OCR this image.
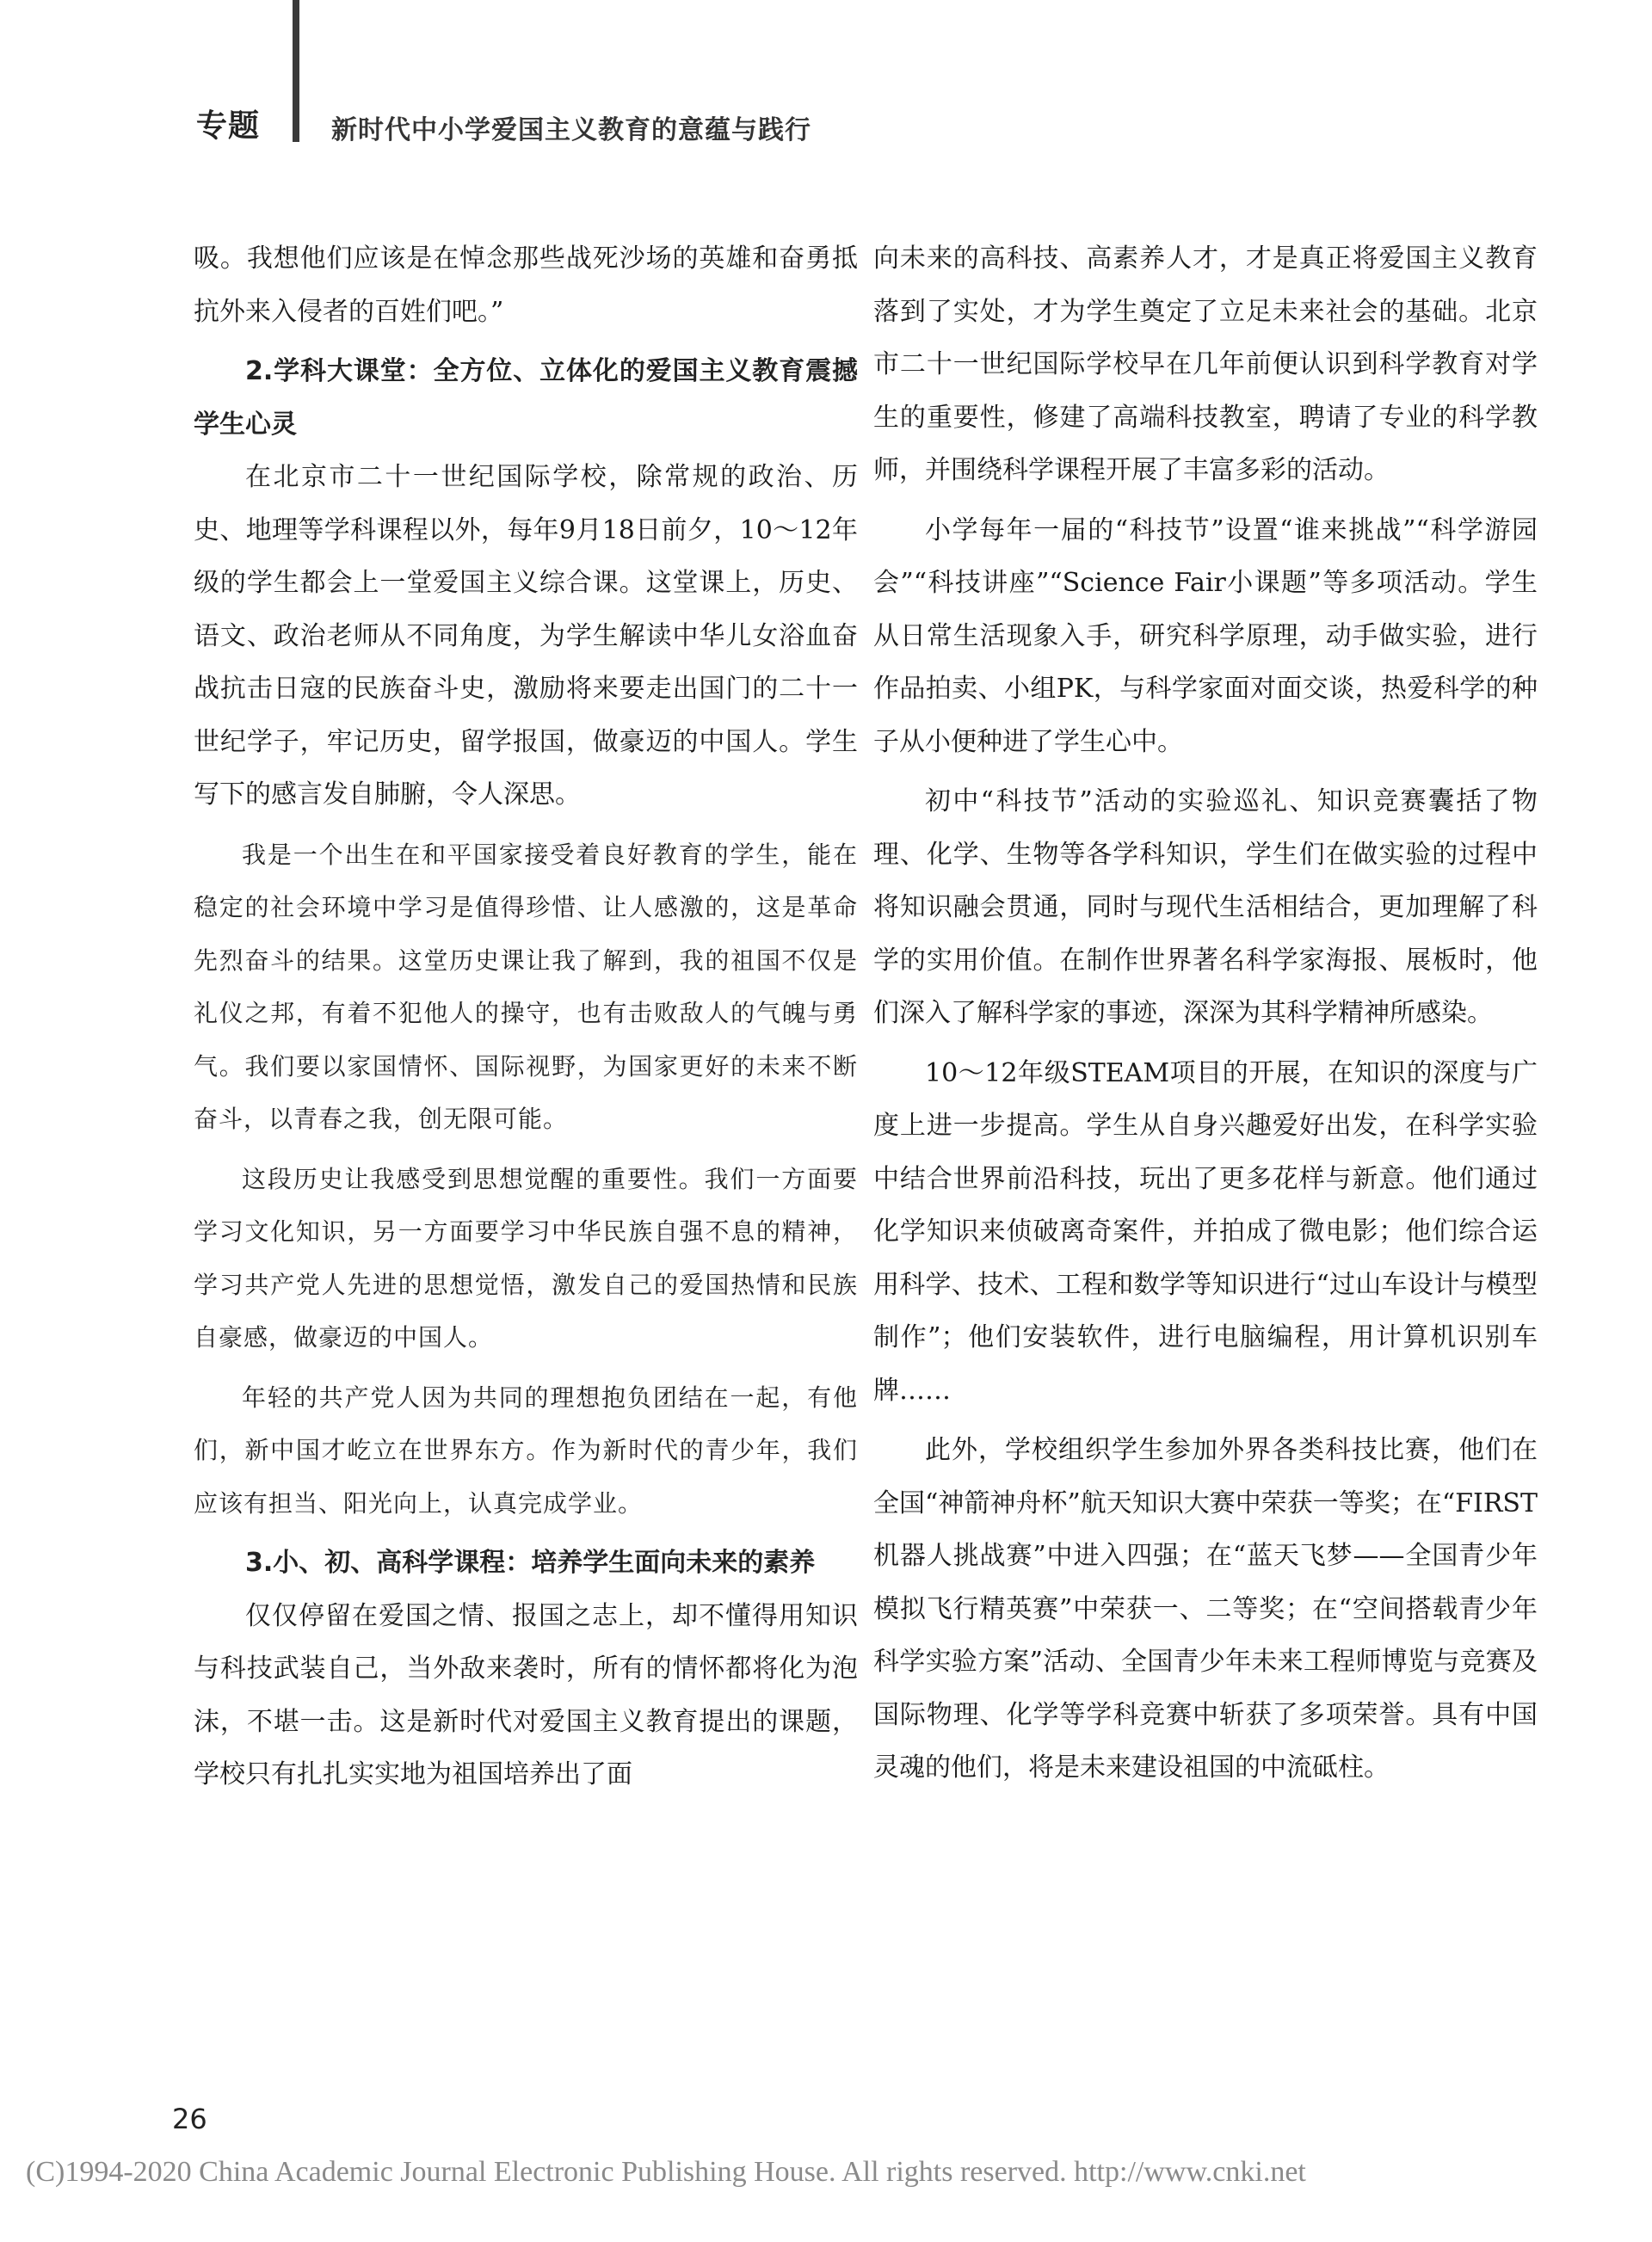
专题	新时代中小学爱国主义教育的意蕴与践行

吸。我想他们应该是在悼念那些战死沙场的英雄和奋勇抵抗外来入侵者的百姓们吧。”

2.学科大课堂：全方位、立体化的爱国主义教育震撼学生心灵

在北京市二十一世纪国际学校，除常规的政治、历史、地理等学科课程以外，每年9月18日前夕，10～12年级的学生都会上一堂爱国主义综合课。这堂课上，历史、语文、政治老师从不同角度，为学生解读中华儿女浴血奋战抗击日寇的民族奋斗史，激励将来要走出国门的二十一世纪学子，牢记历史，留学报国，做豪迈的中国人。学生写下的感言发自肺腑，令人深思。

我是一个出生在和平国家接受着良好教育的学生，能在稳定的社会环境中学习是值得珍惜、让人感激的，这是革命先烈奋斗的结果。这堂历史课让我了解到，我的祖国不仅是礼仪之邦，有着不犯他人的操守，也有击败敌人的气魄与勇气。我们要以家国情怀、国际视野，为国家更好的未来不断奋斗，以青春之我，创无限可能。

这段历史让我感受到思想觉醒的重要性。我们一方面要学习文化知识，另一方面要学习中华民族自强不息的精神，学习共产党人先进的思想觉悟，激发自己的爱国热情和民族自豪感，做豪迈的中国人。

年轻的共产党人因为共同的理想抱负团结在一起，有他们，新中国才屹立在世界东方。作为新时代的青少年，我们应该有担当、阳光向上，认真完成学业。

3.小、初、高科学课程：培养学生面向未来的素养

仅仅停留在爱国之情、报国之志上，却不懂得用知识与科技武装自己，当外敌来袭时，所有的情怀都将化为泡沫，不堪一击。这是新时代对爱国主义教育提出的课题，学校只有扎扎实实地为祖国培养出了面

向未来的高科技、高素养人才，才是真正将爱国主义教育落到了实处，才为学生奠定了立足未来社会的基础。北京市二十一世纪国际学校早在几年前便认识到科学教育对学生的重要性，修建了高端科技教室，聘请了专业的科学教师，并围绕科学课程开展了丰富多彩的活动。

小学每年一届的“科技节”设置“谁来挑战”“科学游园会”“科技讲座”“Science Fair小课题”等多项活动。学生从日常生活现象入手，研究科学原理，动手做实验，进行作品拍卖、小组PK，与科学家面对面交谈，热爱科学的种子从小便种进了学生心中。

初中“科技节”活动的实验巡礼、知识竞赛囊括了物理、化学、生物等各学科知识，学生们在做实验的过程中将知识融会贯通，同时与现代生活相结合，更加理解了科学的实用价值。在制作世界著名科学家海报、展板时，他们深入了解科学家的事迹，深深为其科学精神所感染。

10～12年级STEAM项目的开展，在知识的深度与广度上进一步提高。学生从自身兴趣爱好出发，在科学实验中结合世界前沿科技，玩出了更多花样与新意。他们通过化学知识来侦破离奇案件，并拍成了微电影；他们综合运用科学、技术、工程和数学等知识进行“过山车设计与模型制作”；他们安装软件，进行电脑编程，用计算机识别车牌……

此外，学校组织学生参加外界各类科技比赛，他们在全国“神箭神舟杯”航天知识大赛中荣获一等奖；在“FIRST机器人挑战赛”中进入四强；在“蓝天飞梦——全国青少年模拟飞行精英赛”中荣获一、二等奖；在“空间搭载青少年科学实验方案”活动、全国青少年未来工程师博览与竞赛及国际物理、化学等学科竞赛中斩获了多项荣誉。具有中国灵魂的他们，将是未来建设祖国的中流砥柱。

26
(C)1994-2020 China Academic Journal Electronic Publishing House. All rights reserved. http://www.cnki.net
